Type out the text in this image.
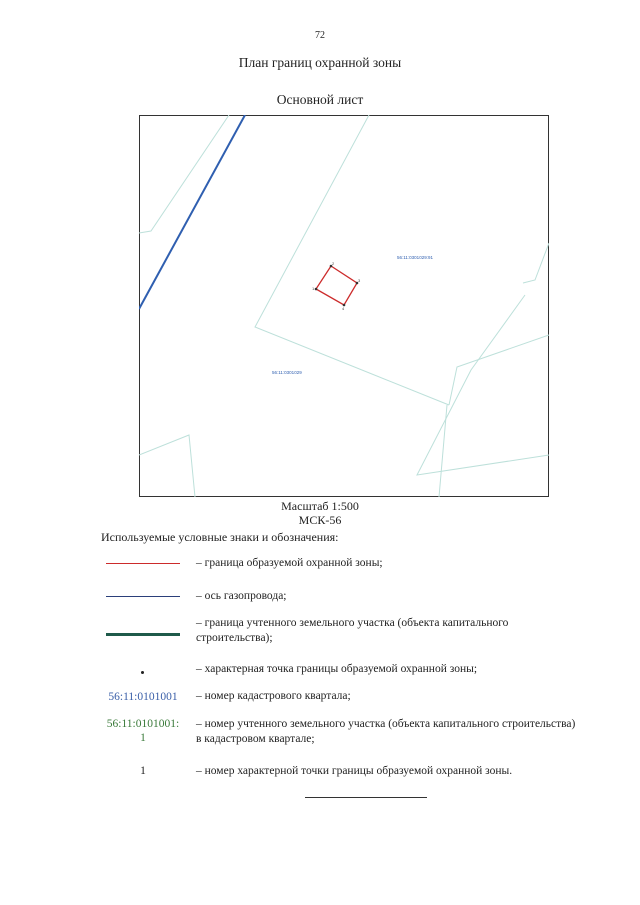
72
План границ охранной зоны
Основной лист
2
3
4
1
56:11:0301029:91
56:11:0301029
Масштаб 1:500
МСК-56
Используемые условные знаки и обозначения:
– граница образуемой охранной зоны;
– ось газопровода;
– граница учтенного земельного участка (объекта капитального строительства);
– характерная точка границы образуемой охранной зоны;
56:11:0101001	– номер кадастрового квартала;
56:11:0101001:
1
– номер учтенного земельного участка (объекта капитального строительства) в кадастровом квартале;
1	– номер характерной точки границы образуемой охранной зоны.
